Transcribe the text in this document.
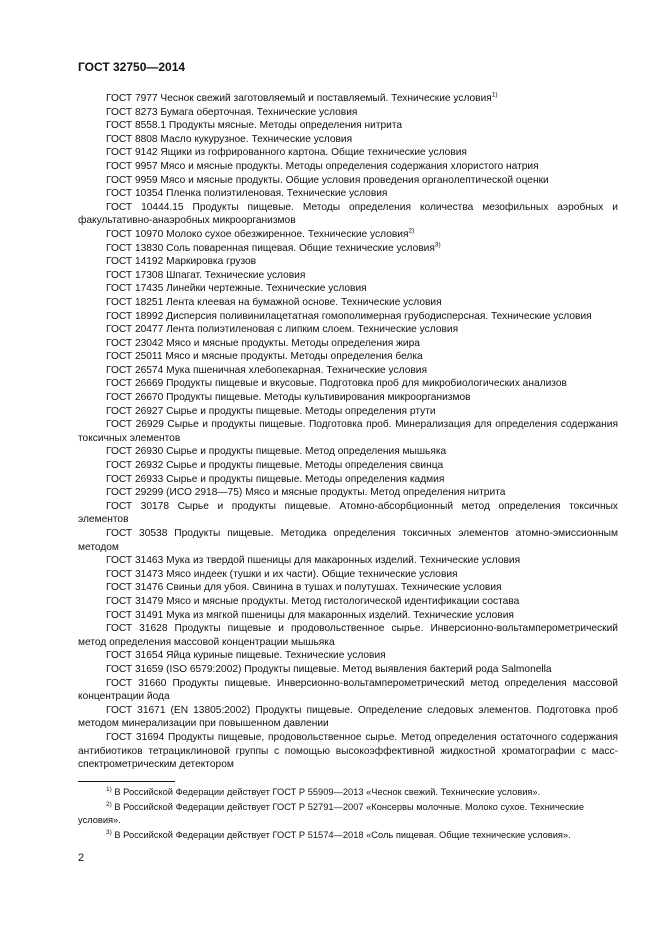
ГОСТ 32750—2014

ГОСТ 7977 Чеснок свежий заготовляемый и поставляемый. Технические условия$^{1)}$

ГОСТ 8273 Бумага оберточная. Технические условия

ГОСТ 8558.1 Продукты мясные. Методы определения нитрита

ГОСТ 8808 Масло кукурузное. Технические условия

ГОСТ 9142 Ящики из гофрированного картона. Общие технические условия

ГОСТ 9957 Мясо и мясные продукты. Методы определения содержания хлористого натрия

ГОСТ 9959 Мясо и мясные продукты. Общие условия проведения органолептической оценки

ГОСТ 10354 Пленка полиэтиленовая. Технические условия

ГОСТ 10444.15 Продукты пищевые. Методы определения количества мезофильных аэробных и факультативно-анаэробных микроорганизмов

ГОСТ 10970 Молоко сухое обезжиренное. Технические условия$^{2)}$

ГОСТ 13830 Соль поваренная пищевая. Общие технические условия$^{3)}$

ГОСТ 14192 Маркировка грузов

ГОСТ 17308 Шпагат. Технические условия

ГОСТ 17435 Линейки чертежные. Технические условия

ГОСТ 18251 Лента клеевая на бумажной основе. Технические условия

ГОСТ 18992 Дисперсия поливинилацетатная гомополимерная грубодисперсная. Технические условия

ГОСТ 20477 Лента полиэтиленовая с липким слоем. Технические условия

ГОСТ 23042 Мясо и мясные продукты. Методы определения жира

ГОСТ 25011 Мясо и мясные продукты. Методы определения белка

ГОСТ 26574 Мука пшеничная хлебопекарная. Технические условия

ГОСТ 26669 Продукты пищевые и вкусовые. Подготовка проб для микробиологических анализов

ГОСТ 26670 Продукты пищевые. Методы культивирования микроорганизмов

ГОСТ 26927 Сырье и продукты пищевые. Методы определения ртути

ГОСТ 26929 Сырье и продукты пищевые. Подготовка проб. Минерализация для определения содержания токсичных элементов

ГОСТ 26930 Сырье и продукты пищевые. Метод определения мышьяка

ГОСТ 26932 Сырье и продукты пищевые. Методы определения свинца

ГОСТ 26933 Сырье и продукты пищевые. Методы определения кадмия

ГОСТ 29299 (ИСО 2918—75) Мясо и мясные продукты. Метод определения нитрита

ГОСТ 30178 Сырье и продукты пищевые. Атомно-абсорбционный метод определения токсичных элементов

ГОСТ 30538 Продукты пищевые. Методика определения токсичных элементов атомно-эмиссионным методом

ГОСТ 31463 Мука из твердой пшеницы для макаронных изделий. Технические условия

ГОСТ 31473 Мясо индеек (тушки и их части). Общие технические условия

ГОСТ 31476 Свиньи для убоя. Свинина в тушах и полутушах. Технические условия

ГОСТ 31479 Мясо и мясные продукты. Метод гистологической идентификации состава

ГОСТ 31491 Мука из мягкой пшеницы для макаронных изделий. Технические условия

ГОСТ 31628 Продукты пищевые и продовольственное сырье. Инверсионно-вольтамперометрический метод определения массовой концентрации мышьяка

ГОСТ 31654 Яйца куриные пищевые. Технические условия

ГОСТ 31659 (ISO 6579:2002) Продукты пищевые. Метод выявления бактерий рода Salmonella

ГОСТ 31660 Продукты пищевые. Инверсионно-вольтамперометрический метод определения массовой концентрации йода

ГОСТ 31671 (EN 13805:2002) Продукты пищевые. Определение следовых элементов. Подготовка проб методом минерализации при повышенном давлении

ГОСТ 31694 Продукты пищевые, продовольственное сырье. Метод определения остаточного содержания антибиотиков тетрациклиновой группы с помощью высокоэффективной жидкостной хроматографии с масс-спектрометрическим детектором

$^{1)}$ В Российской Федерации действует ГОСТ Р 55909—2013 «Чеснок свежий. Технические условия».

$^{2)}$ В Российской Федерации действует ГОСТ Р 52791—2007 «Консервы молочные. Молоко сухое. Технические условия».

$^{3)}$ В Российской Федерации действует ГОСТ Р 51574—2018 «Соль пищевая. Общие технические условия».

2
